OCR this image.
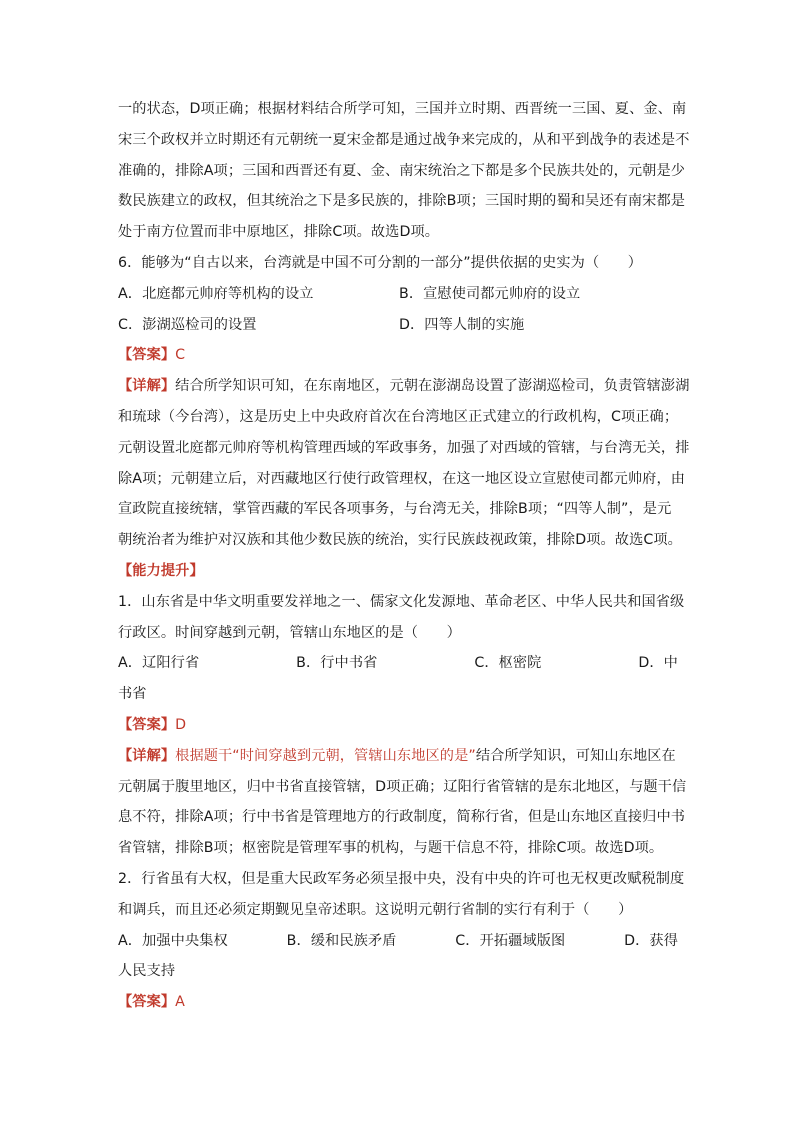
一的状态，D项正确；根据材料结合所学可知，三国并立时期、西晋统一三国、夏、金、南
宋三个政权并立时期还有元朝统一夏宋金都是通过战争来完成的，从和平到战争的表述是不
准确的，排除A项；三国和西晋还有夏、金、南宋统治之下都是多个民族共处的，元朝是少
数民族建立的政权，但其统治之下是多民族的，排除B项；三国时期的蜀和吴还有南宋都是
处于南方位置而非中原地区，排除C项。故选D项。
6．能够为“自古以来，台湾就是中国不可分割的一部分”提供依据的史实为（　　）
A．北庭都元帅府等机构的设立	B．宣慰使司都元帅府的设立
C．澎湖巡检司的设置	D．四等人制的实施
【答案】C
【详解】结合所学知识可知，在东南地区，元朝在澎湖岛设置了澎湖巡检司，负责管辖澎湖
和琉球（今台湾），这是历史上中央政府首次在台湾地区正式建立的行政机构，C项正确；
元朝设置北庭都元帅府等机构管理西域的军政事务，加强了对西域的管辖，与台湾无关，排
除A项；元朝建立后，对西藏地区行使行政管理权，在这一地区设立宣慰使司都元帅府，由
宣政院直接统辖，掌管西藏的军民各项事务，与台湾无关，排除B项；“四等人制”，是元
朝统治者为维护对汉族和其他少数民族的统治，实行民族歧视政策，排除D项。故选C项。
【能力提升】
1．山东省是中华文明重要发祥地之一、儒家文化发源地、革命老区、中华人民共和国省级
行政区。时间穿越到元朝，管辖山东地区的是（　　）
A．辽阳行省	B．行中书省	C．枢密院	D．中
书省
【答案】D
【详解】根据题干“时间穿越到元朝，管辖山东地区的是”结合所学知识，可知山东地区在
元朝属于腹里地区，归中书省直接管辖，D项正确；辽阳行省管辖的是东北地区，与题干信
息不符，排除A项；行中书省是管理地方的行政制度，简称行省，但是山东地区直接归中书
省管辖，排除B项；枢密院是管理军事的机构，与题干信息不符，排除C项。故选D项。
2．行省虽有大权，但是重大民政军务必须呈报中央，没有中央的许可也无权更改赋税制度
和调兵，而且还必须定期觐见皇帝述职。这说明元朝行省制的实行有利于（　　）
A．加强中央集权	B．缓和民族矛盾	C．开拓疆域版图	D．获得
人民支持
【答案】A
